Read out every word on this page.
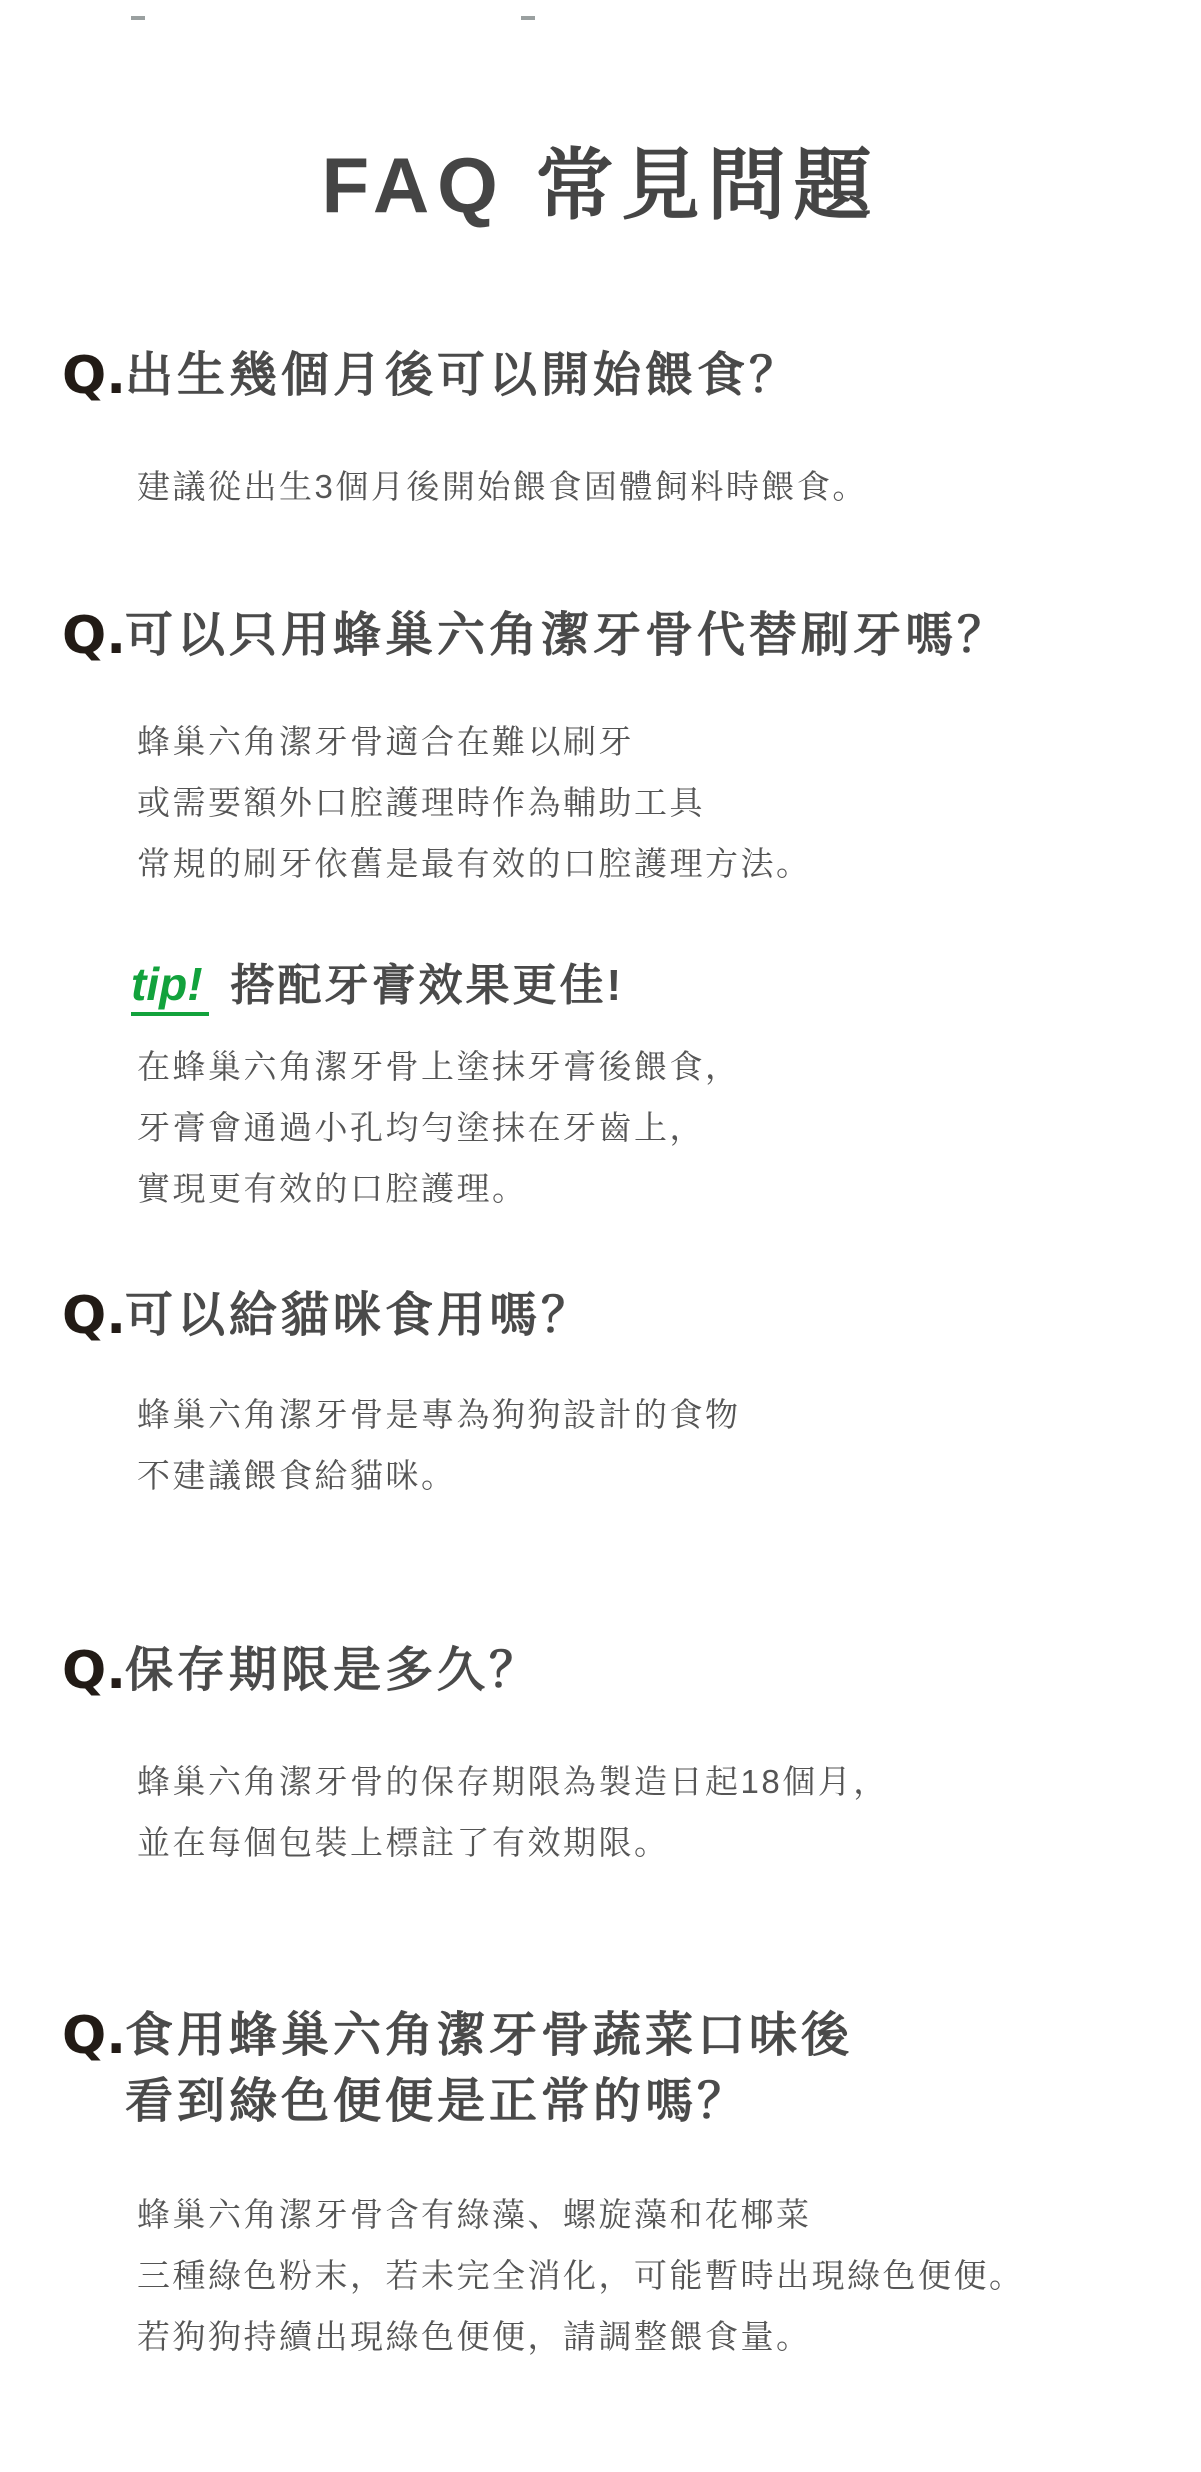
FAQ 常見問題
Q. 出生幾個月後可以開始餵食？

建議從出生3個月後開始餵食固體飼料時餵食。

Q. 可以只用蜂巢六角潔牙骨代替刷牙嗎？

蜂巢六角潔牙骨適合在難以刷牙

或需要額外口腔護理時作為輔助工具

常規的刷牙依舊是最有效的口腔護理方法。

tip! 搭配牙膏效果更佳!

在蜂巢六角潔牙骨上塗抹牙膏後餵食，

牙膏會通過小孔均勻塗抹在牙齒上，

實現更有效的口腔護理。

Q. 可以給貓咪食用嗎？

蜂巢六角潔牙骨是專為狗狗設計的食物

不建議餵食給貓咪。

Q. 保存期限是多久？

蜂巢六角潔牙骨的保存期限為製造日起18個月，

並在每個包裝上標註了有效期限。

Q. 食用蜂巢六角潔牙骨蔬菜口味後
看到綠色便便是正常的嗎？

蜂巢六角潔牙骨含有綠藻、螺旋藻和花椰菜

三種綠色粉末，若未完全消化，可能暫時出現綠色便便。

若狗狗持續出現綠色便便，請調整餵食量。
